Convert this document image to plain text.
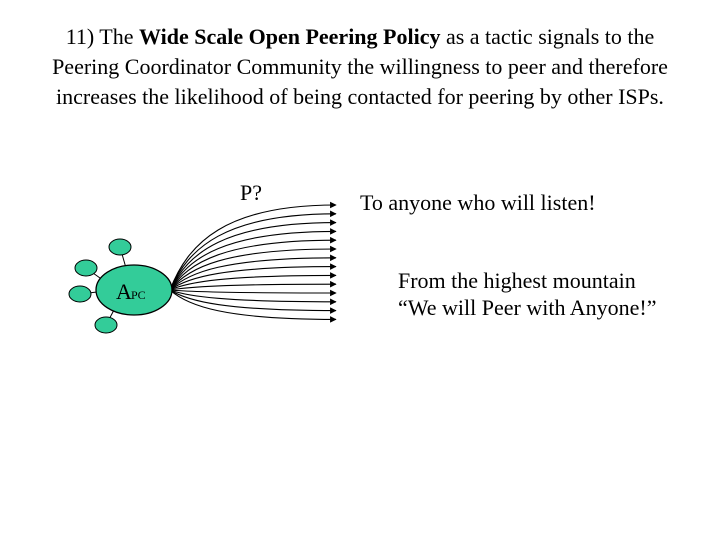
11) The Wide Scale Open Peering Policy as a tactic signals to the Peering Coordinator Community the willingness to peer and therefore increases the likelihood of being contacted for peering by other ISPs.
P?
A PC
To anyone who will listen!
From the highest mountain
“We will Peer with Anyone!”
